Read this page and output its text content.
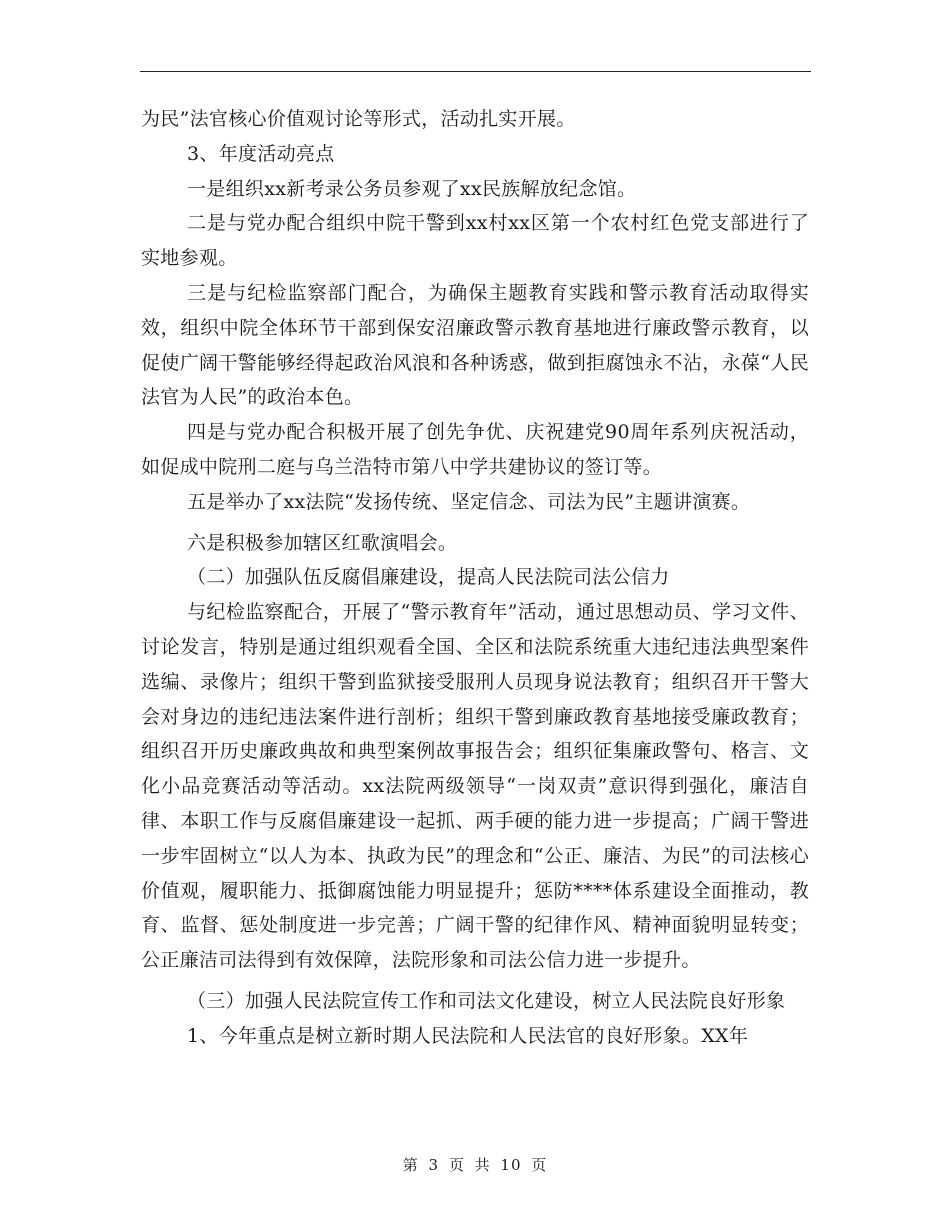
为民”法官核心价值观讨论等形式，活动扎实开展。

3、年度活动亮点

一是组织xx新考录公务员参观了xx民族解放纪念馆。

二是与党办配合组织中院干警到xx村xx区第一个农村红色党支部进行了实地参观。

三是与纪检监察部门配合，为确保主题教育实践和警示教育活动取得实效，组织中院全体环节干部到保安沼廉政警示教育基地进行廉政警示教育，以促使广阔干警能够经得起政治风浪和各种诱惑，做到拒腐蚀永不沾，永葆“人民法官为人民”的政治本色。

四是与党办配合积极开展了创先争优、庆祝建党90周年系列庆祝活动，如促成中院刑二庭与乌兰浩特市第八中学共建协议的签订等。

五是举办了xx法院“发扬传统、坚定信念、司法为民”主题讲演赛。

六是积极参加辖区红歌演唱会。

（二）加强队伍反腐倡廉建设，提高人民法院司法公信力

与纪检监察配合，开展了“警示教育年”活动，通过思想动员、学习文件、讨论发言，特别是通过组织观看全国、全区和法院系统重大违纪违法典型案件选编、录像片；组织干警到监狱接受服刑人员现身说法教育；组织召开干警大会对身边的违纪违法案件进行剖析；组织干警到廉政教育基地接受廉政教育；组织召开历史廉政典故和典型案例故事报告会；组织征集廉政警句、格言、文化小品竞赛活动等活动。xx法院两级领导“一岗双责”意识得到强化，廉洁自律、本职工作与反腐倡廉建设一起抓、两手硬的能力进一步提高；广阔干警进一步牢固树立“以人为本、执政为民”的理念和“公正、廉洁、为民”的司法核心价值观，履职能力、抵御腐蚀能力明显提升；惩防****体系建设全面推动，教育、监督、惩处制度进一步完善；广阔干警的纪律作风、精神面貌明显转变；公正廉洁司法得到有效保障，法院形象和司法公信力进一步提升。

（三）加强人民法院宣传工作和司法文化建设，树立人民法院良好形象

1、今年重点是树立新时期人民法院和人民法官的良好形象。XX年

第 3 页 共 10 页
